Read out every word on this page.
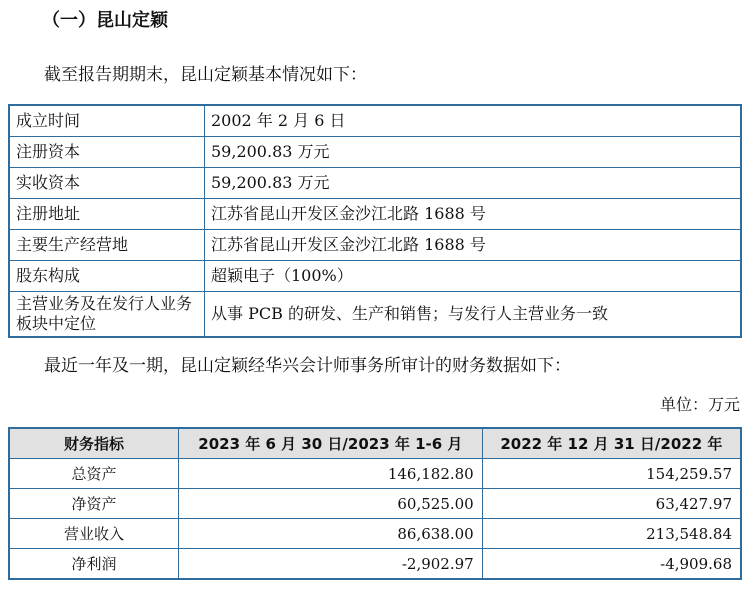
（一）昆山定颖
截至报告期期末，昆山定颖基本情况如下：
成立时间	2002 年 2 月 6 日
注册资本	59,200.83 万元
实收资本	59,200.83 万元
注册地址	江苏省昆山开发区金沙江北路 1688 号
主要生产经营地	江苏省昆山开发区金沙江北路 1688 号
股东构成	超颖电子（100%）
主营业务及在发行人业务板块中定位	从事 PCB 的研发、生产和销售；与发行人主营业务一致
最近一年及一期，昆山定颖经华兴会计师事务所审计的财务数据如下：
单位：万元
财务指标	2023 年 6 月 30 日/2023 年 1-6 月	2022 年 12 月 31 日/2022 年
总资产	146,182.80	154,259.57
净资产	60,525.00	63,427.97
营业收入	86,638.00	213,548.84
净利润	-2,902.97	-4,909.68
